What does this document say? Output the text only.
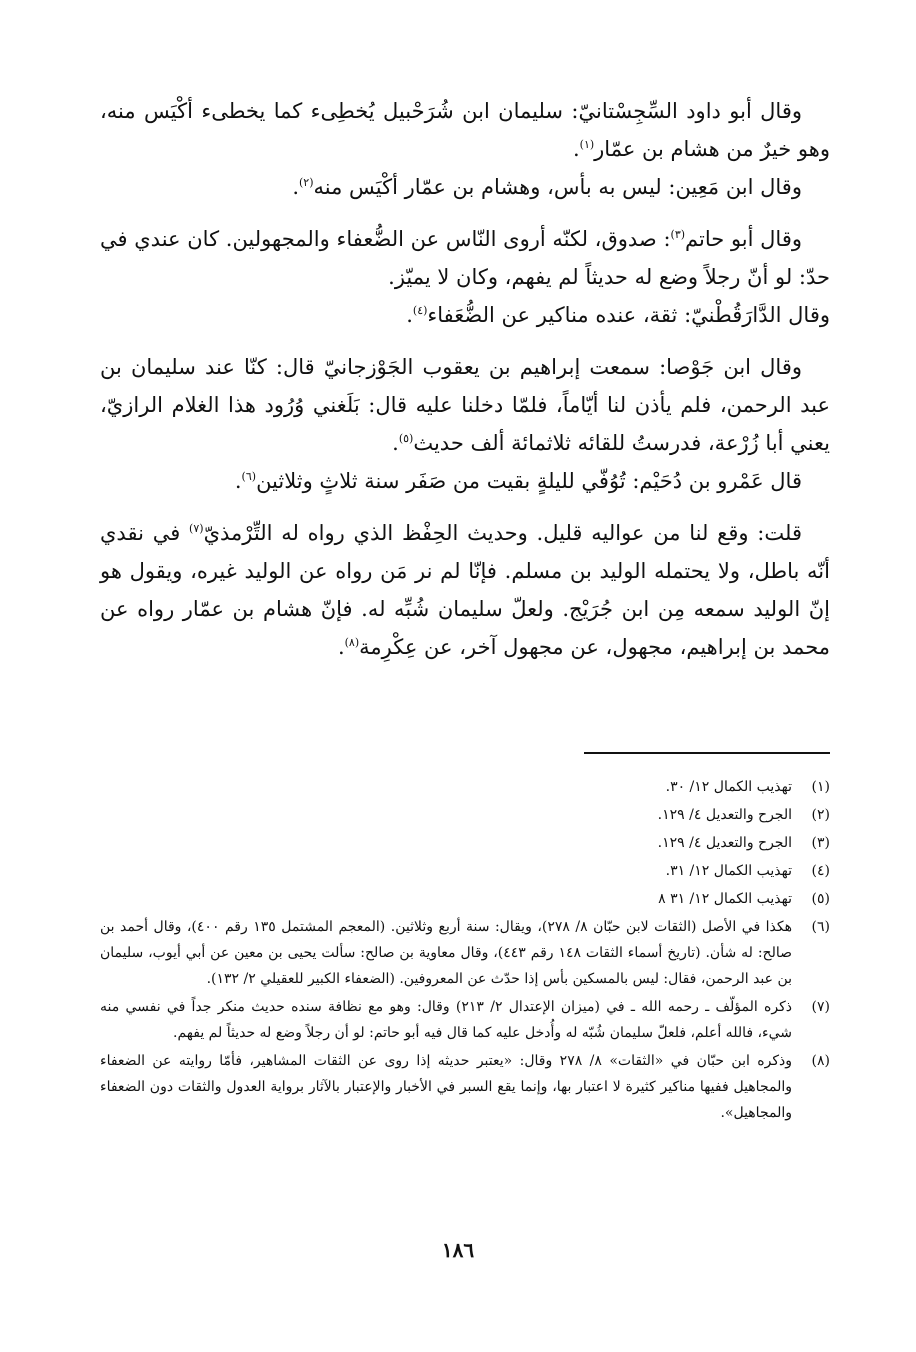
وقال أبو داود السِّجِسْتانيّ: سليمان ابن شُرَحْبيل يُخطِىء كما يخطىء أكْيَس منه، وهو خيرٌ من هشام بن عمّار$^{(١)}$.

وقال ابن مَعِين: ليس به بأس، وهشام بن عمّار أكْيَس منه$^{(٢)}$.

وقال أبو حاتم$^{(٣)}$: صدوق، لكنّه أروى النّاس عن الضُّعفاء والمجهولين. كان عندي في حدّ: لو أنّ رجلاً وضع له حديثاً لم يفهم، وكان لا يميّز.

وقال الدَّارَقُطْنيّ: ثقة، عنده مناكير عن الضُّعَفاء$^{(٤)}$.

وقال ابن جَوْصا: سمعت إبراهيم بن يعقوب الجَوْزجانيّ قال: كنّا عند سليمان بن عبد الرحمن، فلم يأذن لنا أيّاماً، فلمّا دخلنا عليه قال: بَلَغني وُرُود هذا الغلام الرازيّ، يعني أبا زُرْعة، فدرستُ للقائه ثلاثمائة ألف حديث$^{(٥)}$.

قال عَمْرو بن دُحَيْم: تُوُفّي لليلةٍ بقيت من صَفَر سنة ثلاثٍ وثلاثين$^{(٦)}$.

قلت: وقع لنا من عواليه قليل. وحديث الحِفْظ الذي رواه له التِّرْمذيّ$^{(٧)}$ في نقدي أنّه باطل، ولا يحتمله الوليد بن مسلم. فإنّا لم نر مَن رواه عن الوليد غيره، ويقول هو إنّ الوليد سمعه مِن ابن جُرَيْج. ولعلّ سليمان شُبِّه له. فإنّ هشام بن عمّار رواه عن محمد بن إبراهيم، مجهول، عن مجهول آخر، عن عِكْرِمة$^{(٨)}$.

(١)
تهذيب الكمال ١٢/ ٣٠.
(٢)
الجرح والتعديل ٤/ ١٢٩.
(٣)
الجرح والتعديل ٤/ ١٢٩.
(٤)
تهذيب الكمال ١٢/ ٣١.
(٥)
تهذيب الكمال ١٢/ ٣١ ٨
(٦)
هكذا في الأصل (الثقات لابن حبّان ٨/ ٢٧٨)، ويقال: سنة أربع وثلاثين. (المعجم المشتمل ١٣٥ رقم ٤٠٠)، وقال أحمد بن صالح: له شأن. (تاريخ أسماء الثقات ١٤٨ رقم ٤٤٣)، وقال معاوية بن صالح: سألت يحيى بن معين عن أبي أيوب، سليمان بن عبد الرحمن، فقال: ليس بالمسكين بأس إذا حدّث عن المعروفين. (الضعفاء الكبير للعقيلي ٢/ ١٣٢).
(٧)
ذكره المؤلّف ـ رحمه الله ـ في (ميزان الإعتدال ٢/ ٢١٣) وقال: وهو مع نظافة سنده حديث منكر جداً في نفسي منه شيء، فالله أعلم، فلعلّ سليمان شُبّه له وأُدخل عليه كما قال فيه أبو حاتم: لو أن رجلاً وضع له حديثاً لم يفهم.
(٨)
وذكره ابن حبّان في «الثقات» ٨/ ٢٧٨ وقال: «يعتبر حديثه إذا روى عن الثقات المشاهير، فأمّا روايته عن الضعفاء والمجاهيل ففيها مناكير كثيرة لا اعتبار بها، وإنما يقع السبر في الأخبار والإعتبار بالآثار برواية العدول والثقات دون الضعفاء والمجاهيل».
١٨٦
